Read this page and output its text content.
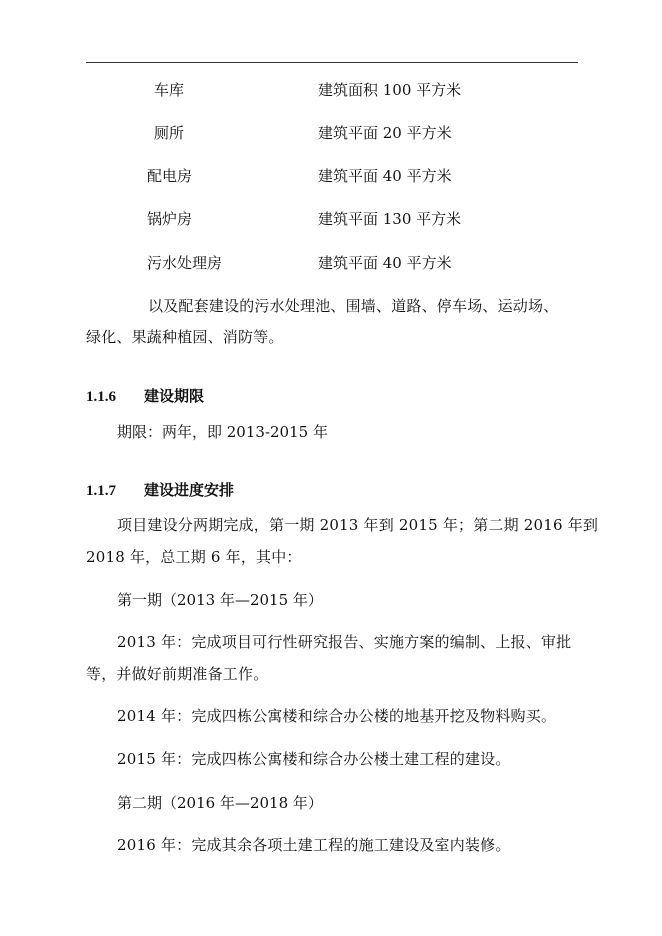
车库	建筑面积 100 平方米
厕所	建筑平面 20 平方米
配电房	建筑平面 40 平方米
锅炉房	建筑平面 130 平方米
污水处理房	建筑平面 40 平方米
以及配套建设的污水处理池、围墙、道路、停车场、运动场、
绿化、果蔬种植园、消防等。
1.1.6 建设期限
期限：两年，即 2013-2015 年
1.1.7 建设进度安排
项目建设分两期完成，第一期 2013 年到 2015 年；第二期 2016 年到
2018 年，总工期 6 年，其中：
第一期（2013 年—2015 年）
2013 年：完成项目可行性研究报告、实施方案的编制、上报、审批
等，并做好前期准备工作。
2014 年：完成四栋公寓楼和综合办公楼的地基开挖及物料购买。
2015 年：完成四栋公寓楼和综合办公楼土建工程的建设。
第二期（2016 年—2018 年）
2016 年：完成其余各项土建工程的施工建设及室内装修。
